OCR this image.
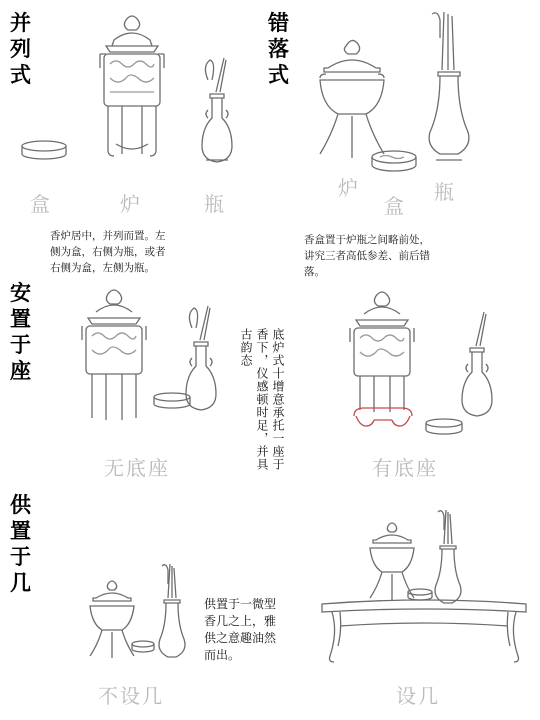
并
列
式
盒	炉	瓶
香炉居中，并列而置。左
侧为盒，右侧为瓶，或者
右侧为盒，左侧为瓶。
错
落
式
炉
盒
瓶
香盒置于炉瓶之间略前处，
讲究三者高低参差、前后错
落。
安
置
于
座
无底座	底炉式十增意承托一座于香下，仪感顿时足，并具古韵态
有底座
供
置
于
几
不设几
供置于一微型
香几之上，雅
供之意趣油然
而出。
设几
